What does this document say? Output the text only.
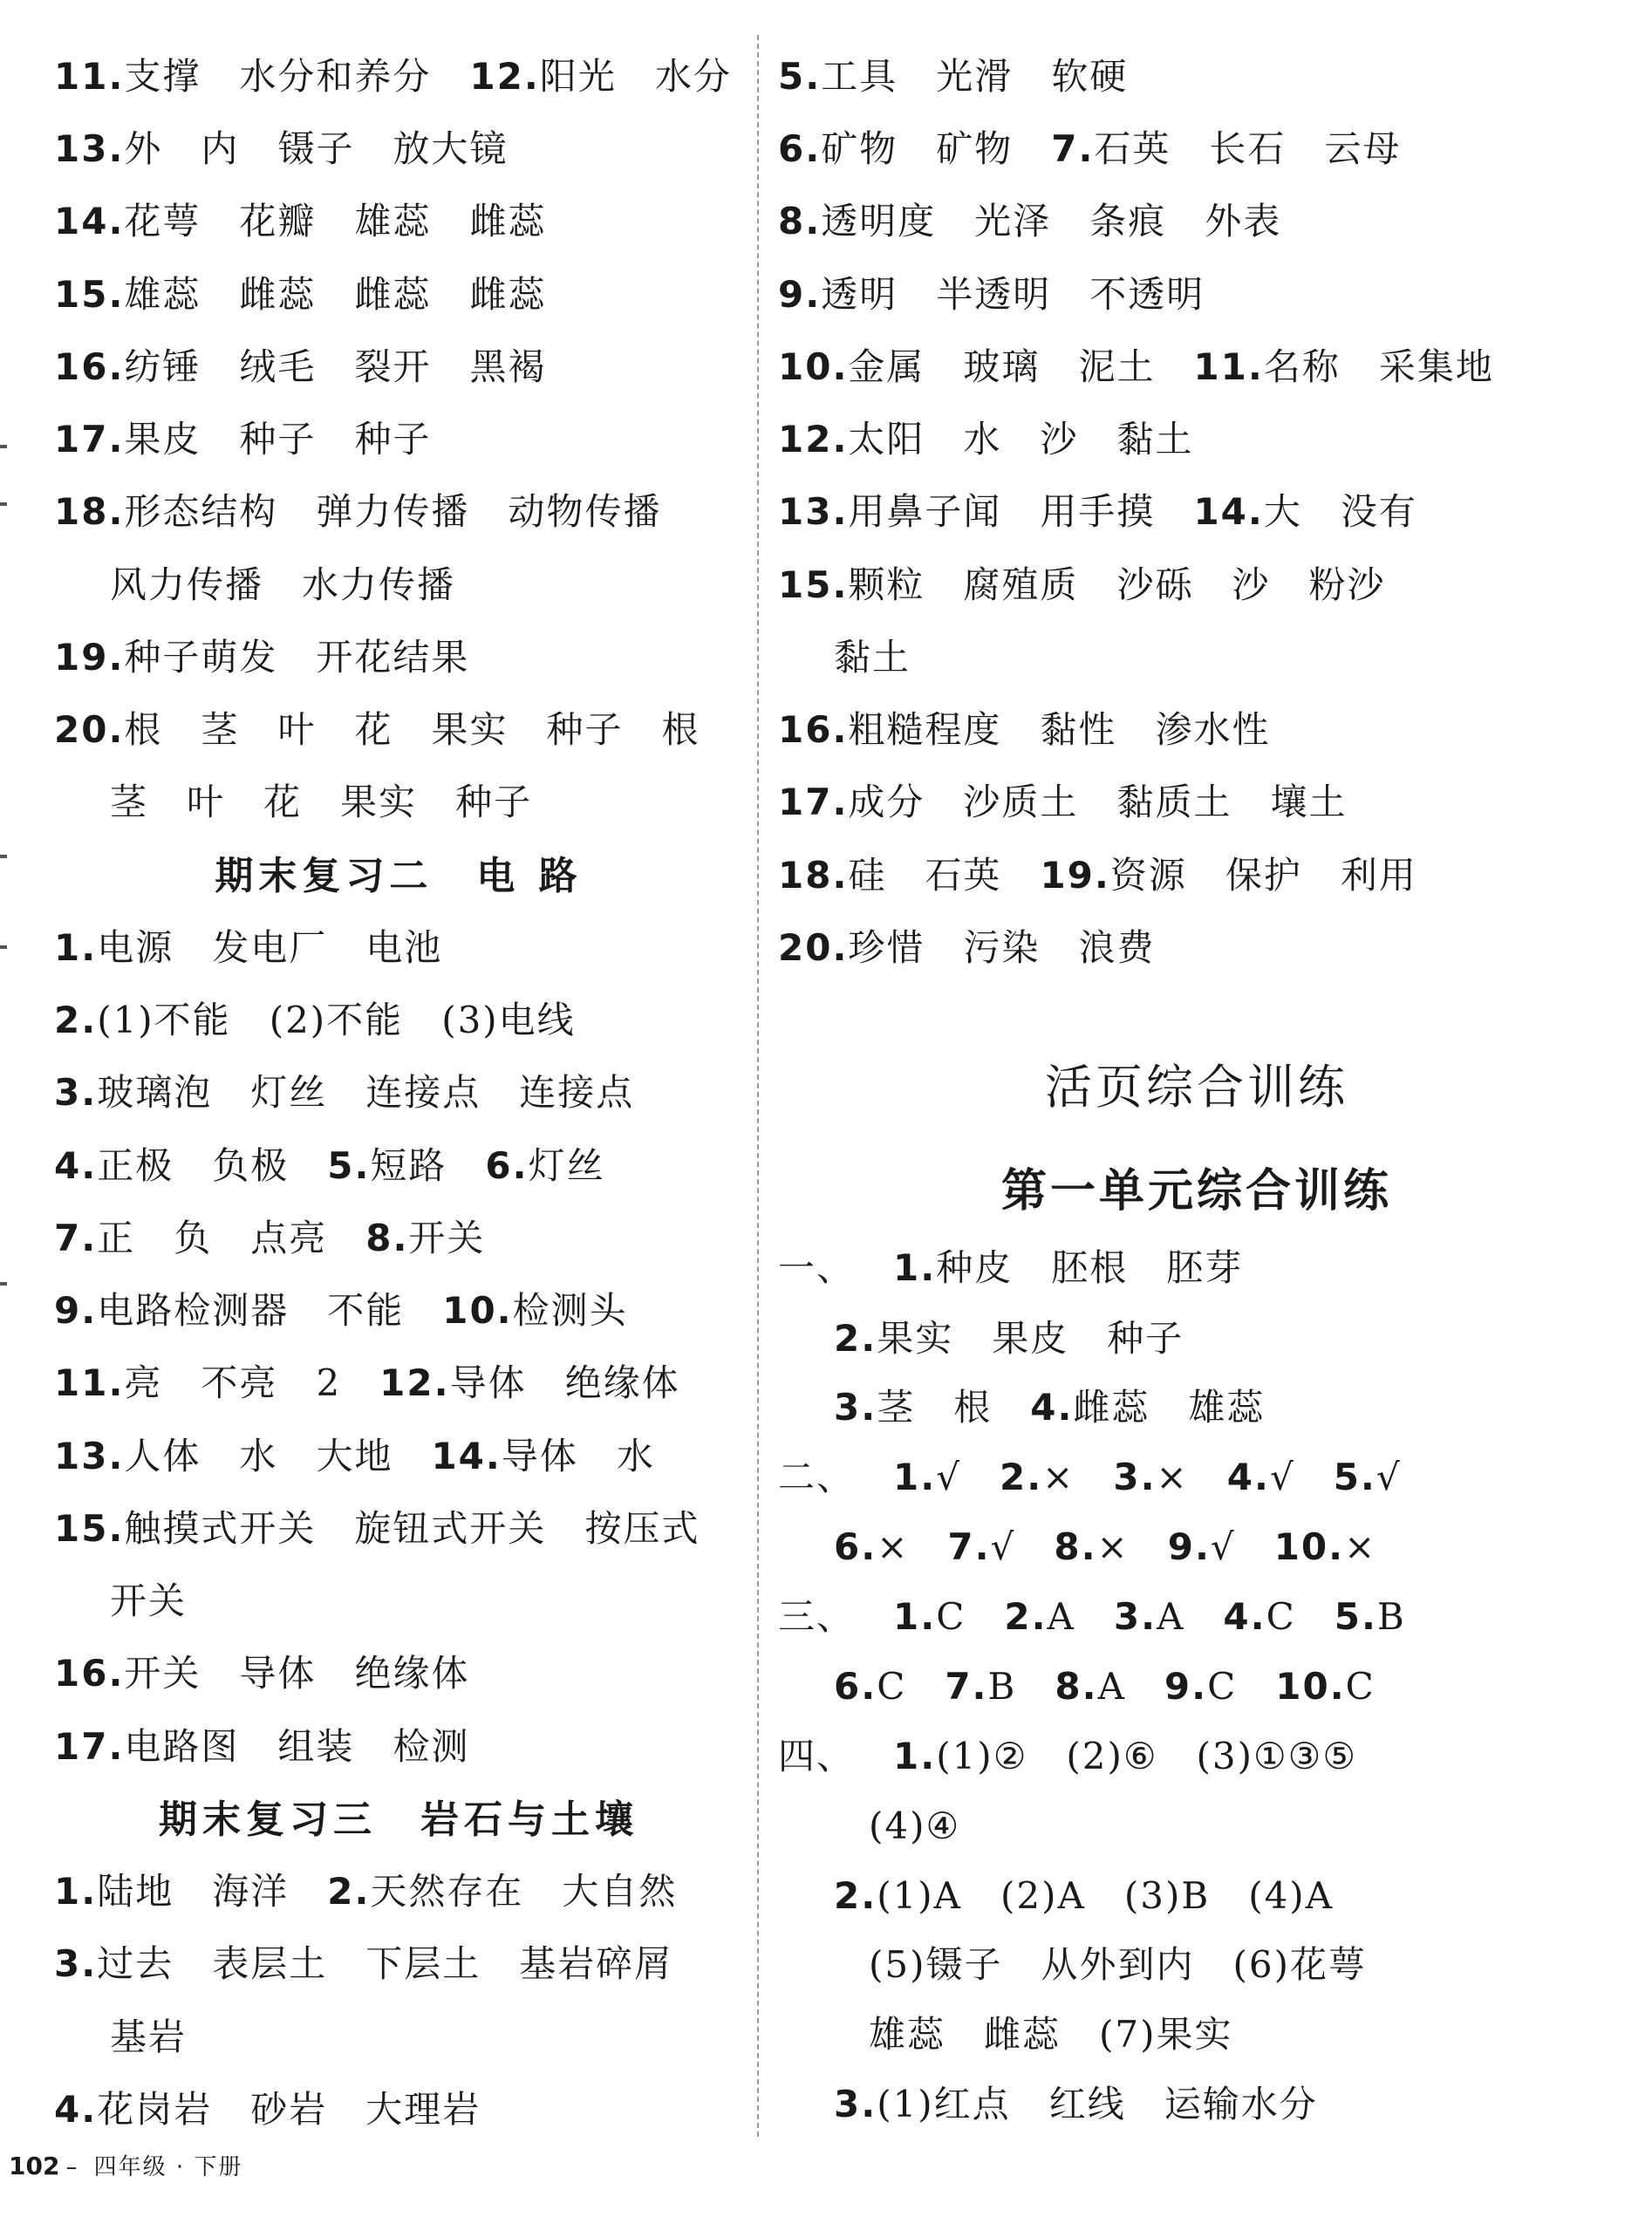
11.支撑 水分和养分 12.阳光 水分
13.外 内 镊子 放大镜
14.花萼 花瓣 雄蕊 雌蕊
15.雄蕊 雌蕊 雌蕊 雌蕊
16.纺锤 绒毛 裂开 黑褐
17.果皮 种子 种子
18.形态结构 弹力传播 动物传播
风力传播 水力传播
19.种子萌发 开花结果
20.根 茎 叶 花 果实 种子 根
茎 叶 花 果实 种子
期末复习二　电 路
1.电源 发电厂 电池
2.(1)不能 (2)不能 (3)电线
3.玻璃泡 灯丝 连接点 连接点
4.正极 负极 5.短路 6.灯丝
7.正 负 点亮 8.开关
9.电路检测器 不能 10.检测头
11.亮 不亮 2 12.导体 绝缘体
13.人体 水 大地 14.导体 水
15.触摸式开关 旋钮式开关 按压式
开关
16.开关 导体 绝缘体
17.电路图 组装 检测
期末复习三　岩石与土壤
1.陆地 海洋 2.天然存在 大自然
3.过去 表层土 下层土 基岩碎屑
基岩
4.花岗岩 砂岩 大理岩
5.工具 光滑 软硬
6.矿物 矿物 7.石英 长石 云母
8.透明度 光泽 条痕 外表
9.透明 半透明 不透明
10.金属 玻璃 泥土 11.名称 采集地
12.太阳 水 沙 黏土
13.用鼻子闻 用手摸 14.大 没有
15.颗粒 腐殖质 沙砾 沙 粉沙
黏土
16.粗糙程度 黏性 渗水性
17.成分 沙质土 黏质土 壤土
18.硅 石英 19.资源 保护 利用
20.珍惜 污染 浪费
活页综合训练
第一单元综合训练
一、 1.种皮 胚根 胚芽
2.果实 果皮 种子
3.茎 根 4.雌蕊 雄蕊
二、 1.√ 2.× 3.× 4.√ 5.√
6.× 7.√ 8.× 9.√ 10.×
三、 1.C 2.A 3.A 4.C 5.B
6.C 7.B 8.A 9.C 10.C
四、 1.(1)② (2)⑥ (3)①③⑤
(4)④
2.(1)A (2)A (3)B (4)A
(5)镊子 从外到内 (6)花萼
雄蕊 雌蕊 (7)果实
3.(1)红点 红线 运输水分
102 – 四年级 · 下册
